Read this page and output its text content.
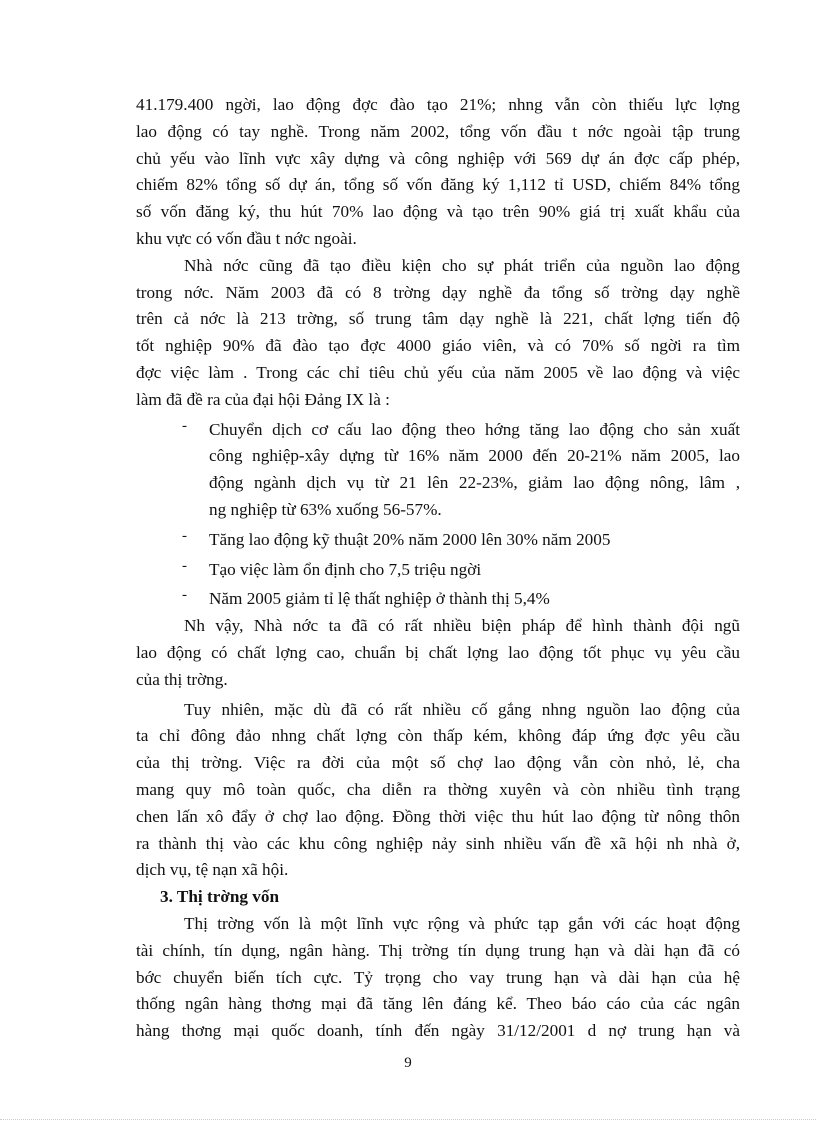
41.179.400 ngời, lao động đợc đào tạo 21%; nhng vẫn còn thiếu lực lợng
lao động có tay nghề. Trong năm 2002, tổng vốn đầu t nớc ngoài tập trung
chủ yếu vào lĩnh vực xây dựng và công nghiệp với 569 dự án đợc cấp phép,
chiếm 82% tổng số dự án, tổng số vốn đăng ký 1,112 tỉ USD, chiếm 84% tổng
số vốn đăng ký, thu hút 70% lao động và tạo trên 90% giá trị xuất khẩu của
khu vực có vốn đầu t nớc ngoài.
Nhà nớc cũng đã tạo điều kiện cho sự phát triển của nguồn lao động
trong nớc. Năm 2003 đã có 8 trờng dạy nghề đa tổng số trờng dạy nghề
trên cả nớc là 213 trờng, số trung tâm dạy nghề là 221, chất lợng tiến độ
tốt nghiệp 90% đã đào tạo đợc 4000 giáo viên, và có 70% số ngời ra tìm
đợc việc làm . Trong các chỉ tiêu chủ yếu của năm 2005 về lao động và việc
làm đã đề ra của đại hội Đảng IX là :
- Chuyển dịch cơ cấu lao động theo hớng tăng lao động cho sản xuất
công nghiệp-xây dựng từ 16% năm 2000 đến 20-21% năm 2005, lao
động ngành dịch vụ từ 21 lên 22-23%, giảm lao động nông, lâm ,
ng nghiệp từ 63% xuống 56-57%.
- Tăng lao động kỹ thuật 20% năm 2000 lên 30% năm 2005
- Tạo việc làm ổn định cho 7,5 triệu ngời
- Năm 2005 giảm tỉ lệ thất nghiệp ở thành thị 5,4%
Nh vậy, Nhà nớc ta đã có rất nhiều biện pháp để hình thành đội ngũ
lao động có chất lợng cao, chuẩn bị chất lợng lao động tốt phục vụ yêu cầu
của thị trờng.
Tuy nhiên, mặc dù đã có rất nhiều cố gắng nhng nguồn lao động của
ta chỉ đông đảo nhng chất lợng còn thấp kém, không đáp ứng đợc yêu cầu
của thị trờng. Việc ra đời của một số chợ lao động vẫn còn nhỏ, lẻ, cha
mang quy mô toàn quốc, cha diễn ra thờng xuyên và còn nhiều tình trạng
chen lấn xô đẩy ở chợ lao động. Đồng thời việc thu hút lao động từ nông thôn
ra thành thị vào các khu công nghiệp nảy sinh nhiều vấn đề xã hội nh nhà ở,
dịch vụ, tệ nạn xã hội.
3. Thị trờng vốn
Thị trờng vốn là một lĩnh vực rộng và phức tạp gắn với các hoạt động
tài chính, tín dụng, ngân hàng. Thị trờng tín dụng trung hạn và dài hạn đã có
bớc chuyển biến tích cực. Tỷ trọng cho vay trung hạn và dài hạn của hệ
thống ngân hàng thơng mại đã tăng lên đáng kể. Theo báo cáo của các ngân
hàng thơng mại quốc doanh, tính đến ngày 31/12/2001 d nợ trung hạn và
9
